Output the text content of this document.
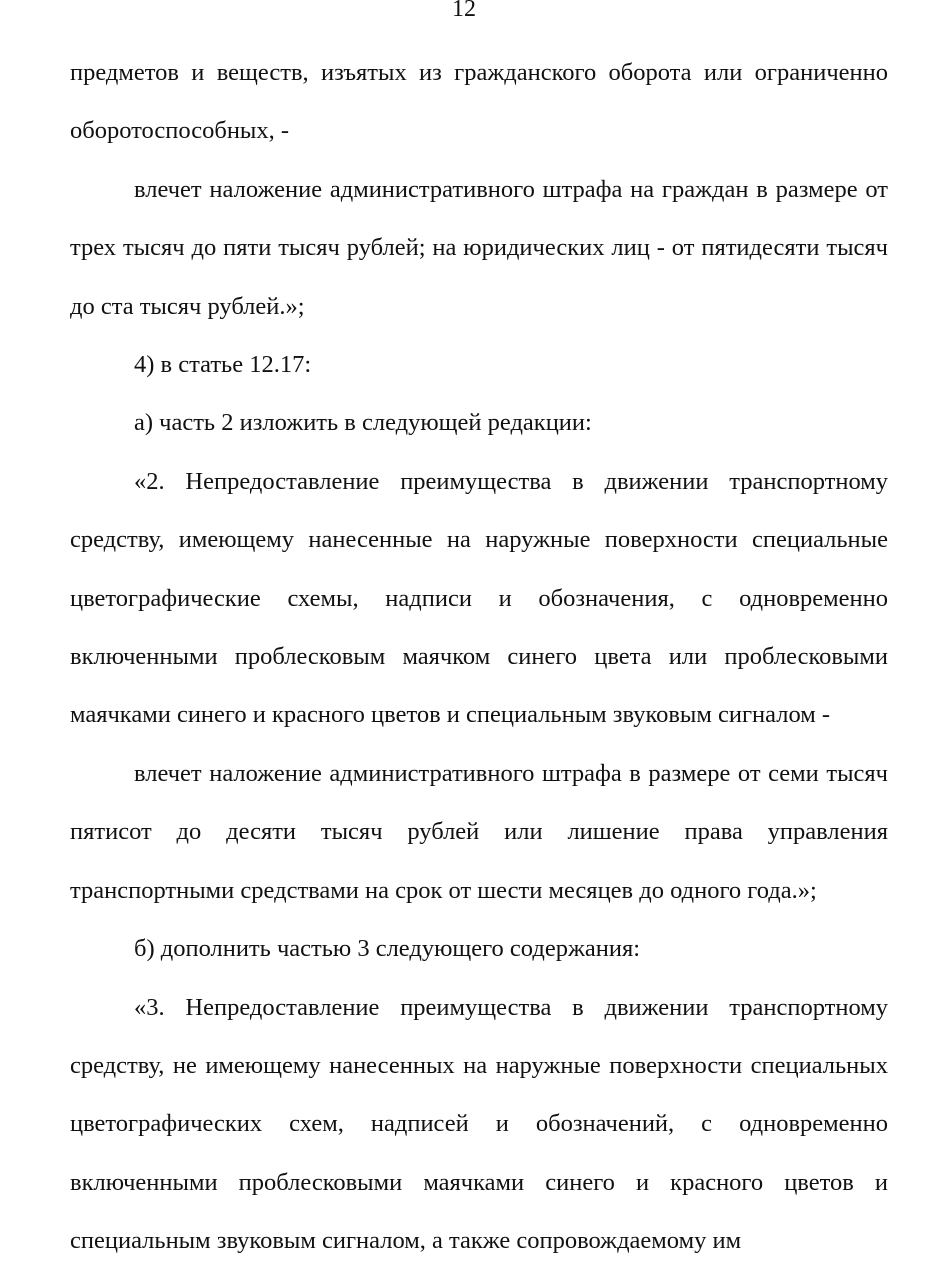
12

предметов и веществ, изъятых из гражданского оборота или ограниченно оборотоспособных, -

влечет наложение административного штрафа на граждан в размере от трех тысяч до пяти тысяч рублей; на юридических лиц - от пятидесяти тысяч до ста тысяч рублей.»;

4) в статье 12.17:

а) часть 2 изложить в следующей редакции:

«2. Непредоставление преимущества в движении транспортному средству, имеющему нанесенные на наружные поверхности специальные цветографические схемы, надписи и обозначения, с одновременно включенными проблесковым маячком синего цвета или проблесковыми маячками синего и красного цветов и специальным звуковым сигналом -

влечет наложение административного штрафа в размере от семи тысяч пятисот до десяти тысяч рублей или лишение права управления транспортными средствами на срок от шести месяцев до одного года.»;

б) дополнить частью 3 следующего содержания:

«3. Непредоставление преимущества в движении транспортному средству, не имеющему нанесенных на наружные поверхности специальных цветографических схем, надписей и обозначений, с одновременно включенными проблесковыми маячками синего и красного цветов и специальным звуковым сигналом, а также сопровождаемому им
